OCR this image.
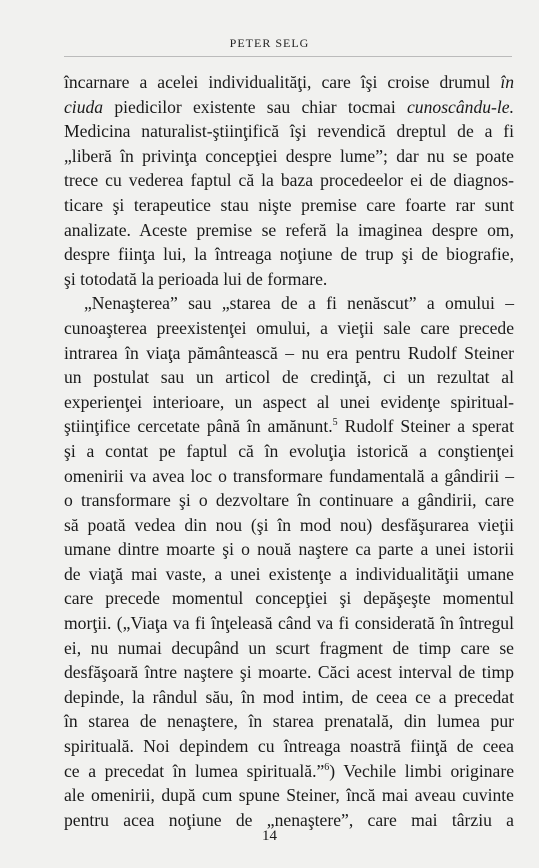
PETER SELG
încarnare a acelei individualităţi, care îşi croise drumul în
ciuda piedicilor existente sau chiar tocmai cunoscându-le.
Medicina naturalist-ştiinţifică îşi revendică dreptul de a fi
„liberă în privinţa concepţiei despre lume”; dar nu se poate
trece cu vederea faptul că la baza procedeelor ei de diagnos-
ticare şi terapeutice stau nişte premise care foarte rar sunt
analizate. Aceste premise se referă la imaginea despre om,
despre fiinţa lui, la întreaga noţiune de trup şi de biografie,
şi totodată la perioada lui de formare.
„Nenaşterea” sau „starea de a fi nenăscut” a omului –
cunoaşterea preexistenţei omului, a vieţii sale care precede
intrarea în viaţa pământească – nu era pentru Rudolf Steiner
un postulat sau un articol de credinţă, ci un rezultat al
experienţei interioare, un aspect al unei evidenţe spiritual-
ştiinţifice cercetate până în amănunt.$^5$ Rudolf Steiner a sperat
şi a contat pe faptul că în evoluţia istorică a conştienţei
omenirii va avea loc o transformare fundamentală a gândirii –
o transformare şi o dezvoltare în continuare a gândirii, care
să poată vedea din nou (şi în mod nou) desfăşurarea vieţii
umane dintre moarte şi o nouă naştere ca parte a unei istorii
de viaţă mai vaste, a unei existenţe a individualităţii umane
care precede momentul concepţiei şi depăşeşte momentul
morţii. („Viaţa va fi înţeleasă când va fi considerată în întregul
ei, nu numai decupând un scurt fragment de timp care se
desfăşoară între naştere şi moarte. Căci acest interval de timp
depinde, la rândul său, în mod intim, de ceea ce a precedat
în starea de nenaştere, în starea prenatală, din lumea pur
spirituală. Noi depindem cu întreaga noastră fiinţă de ceea
ce a precedat în lumea spirituală.”$^6$) Vechile limbi originare
ale omenirii, după cum spune Steiner, încă mai aveau cuvinte
pentru acea noţiune de „nenaştere”, care mai târziu a
14
